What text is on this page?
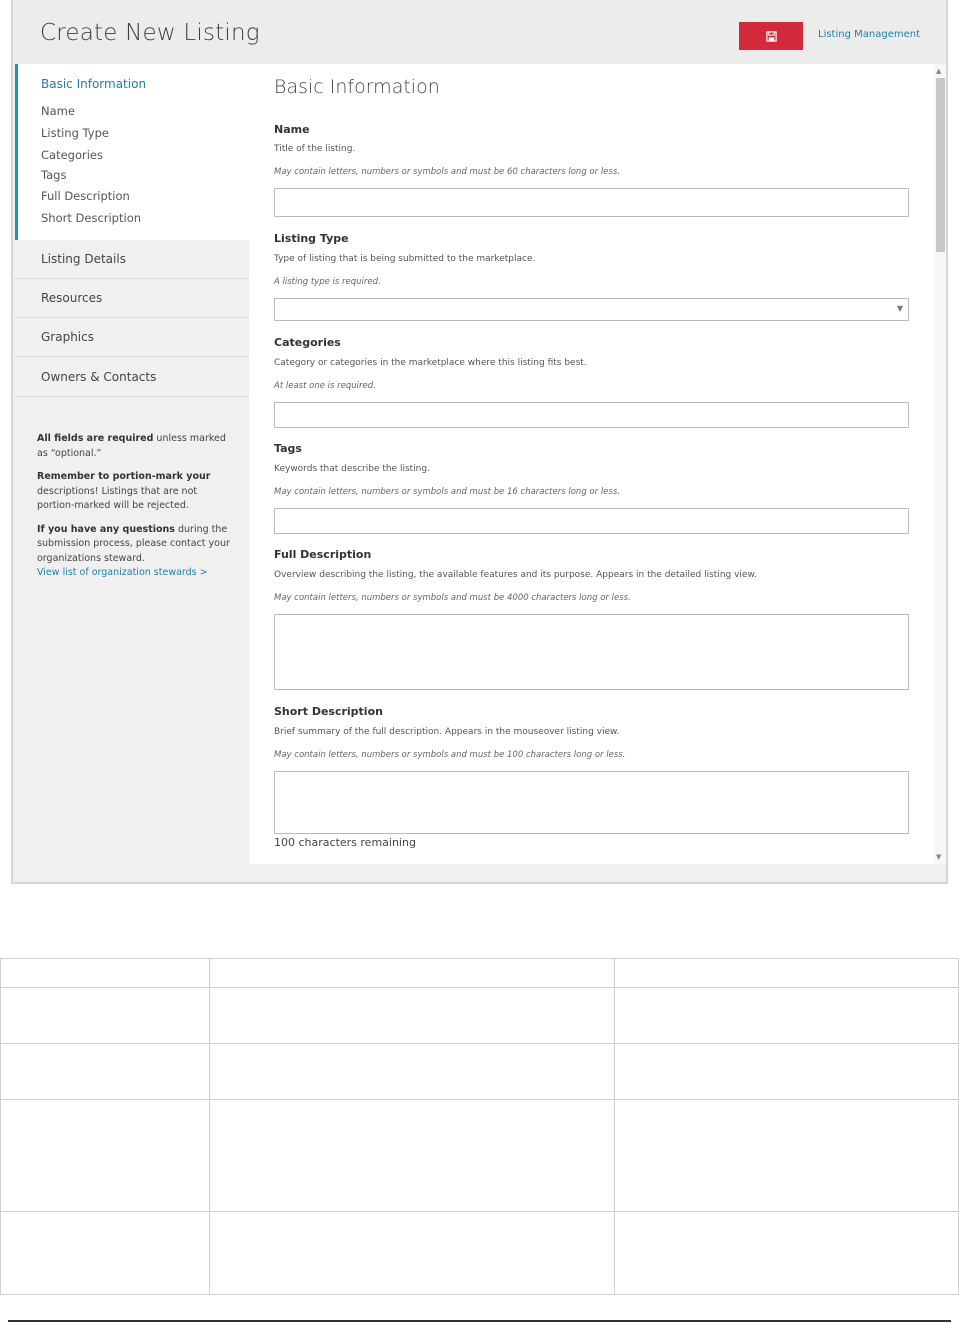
Create New Listing	Listing Management
Basic Information
Name
Listing Type
Categories
Tags
Full Description
Short Description
Listing Details
Resources
Graphics
Owners & Contacts

All fields are required unless marked as “optional.”

Remember to portion-mark your descriptions! Listings that are not portion-marked will be rejected.

If you have any questions during the submission process, please contact your organizations steward.

View list of organization stewards >
Basic Information
Name
Title of the listing.
May contain letters, numbers or symbols and must be 60 characters long or less.
Listing Type
Type of listing that is being submitted to the marketplace.
A listing type is required.
▼
Categories
Category or categories in the marketplace where this listing fits best.
At least one is required.
Tags
Keywords that describe the listing.
May contain letters, numbers or symbols and must be 16 characters long or less.
Full Description
Overview describing the listing, the available features and its purpose. Appears in the detailed listing view.
May contain letters, numbers or symbols and must be 4000 characters long or less.
Short Description
Brief summary of the full description. Appears in the mouseover listing view.
May contain letters, numbers or symbols and must be 100 characters long or less.
100 characters remaining
▲
▼
